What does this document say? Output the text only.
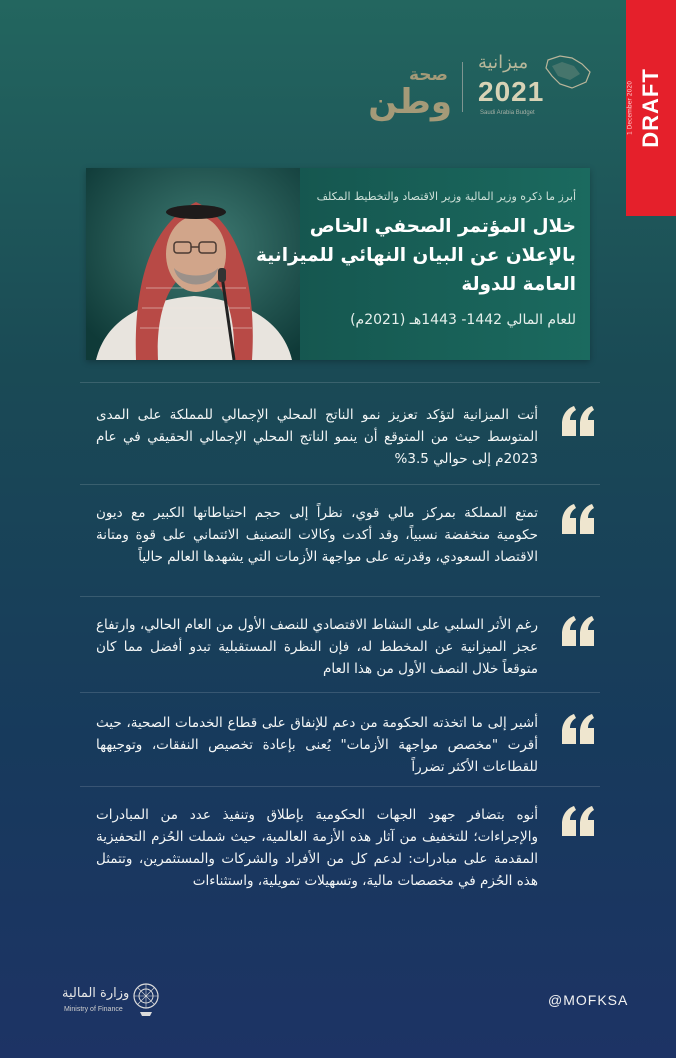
1 December 2020 DRAFT
ميزانية
2021
Saudi Arabia Budget
صحة
وطن
أبرز ما ذكره وزير المالية وزير الاقتصاد والتخطيط المكلف
خلال المؤتمر الصحفي الخاص بالإعلان عن البيان النهائي للميزانية العامة للدولة
للعام المالي 1442- 1443هـ (2021م)
أتت الميزانية لتؤكد تعزيز نمو الناتج المحلي الإجمالي للمملكة على المدى المتوسط حيث من المتوقع أن ينمو الناتج المحلي الإجمالي الحقيقي في عام 2023م إلى حوالي 3.5%
تمتع المملكة بمركز مالي قوي، نظراً إلى حجم احتياطاتها الكبير مع ديون حكومية منخفضة نسبياً، وقد أكدت وكالات التصنيف الائتماني على قوة ومتانة الاقتصاد السعودي، وقدرته على مواجهة الأزمات التي يشهدها العالم حالياً
رغم الأثر السلبي على النشاط الاقتصادي للنصف الأول من العام الحالي، وارتفاع عجز الميزانية عن المخطط له، فإن النظرة المستقبلية تبدو أفضل مما كان متوقعاً خلال النصف الأول من هذا العام
أشير إلى ما اتخذته الحكومة من دعم للإنفاق على قطاع الخدمات الصحية، حيث أقرت "مخصص مواجهة الأزمات" يُعنى بإعادة تخصيص النفقات، وتوجيهها للقطاعات الأكثر تضرراً
أنوه بتضافر جهود الجهات الحكومية بإطلاق وتنفيذ عدد من المبادرات والإجراءات؛ للتخفيف من آثار هذه الأزمة العالمية، حيث شملت الحُزم التحفيزية المقدمة على مبادرات: لدعم كل من الأفراد والشركات والمستثمرين، وتتمثل هذه الحُزم في مخصصات مالية، وتسهيلات تمويلية، واستثناءات
وزارة المالية
Ministry of Finance
@MOFKSA
